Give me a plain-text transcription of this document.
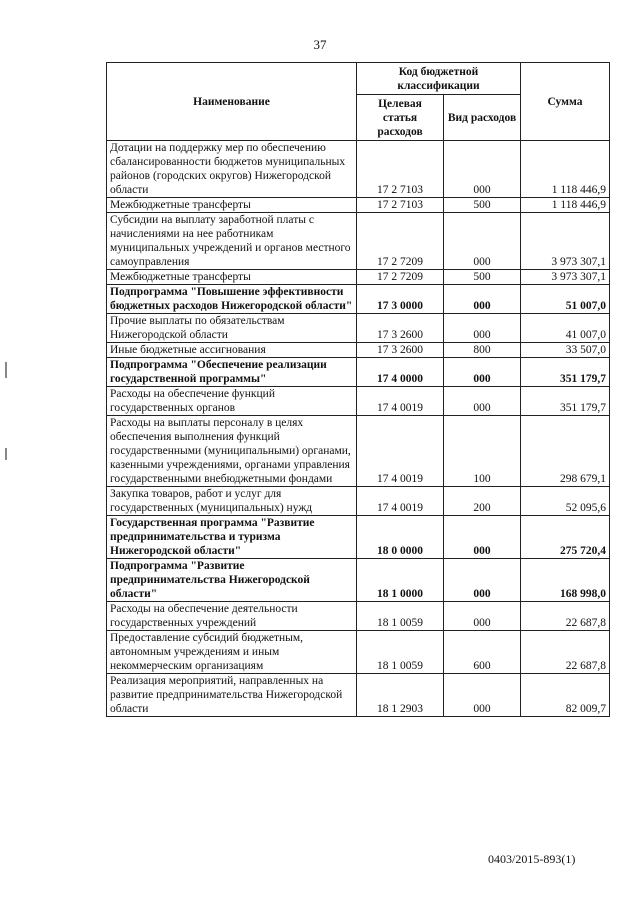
37
Наименование	Код бюджетной классификации		Сумма
	Целевая статья расходов	Вид расходов	
Дотации на поддержку мер по обеспечению сбалансированности бюджетов муниципальных районов (городских округов) Нижегородской области	17 2 7103	000	1 118 446,9
Межбюджетные трансферты	17 2 7103	500	1 118 446,9
Субсидии на выплату заработной платы с начислениями на нее работникам муниципальных учреждений и органов местного самоуправления	17 2 7209	000	3 973 307,1
Межбюджетные трансферты	17 2 7209	500	3 973 307,1
Подпрограмма "Повышение эффективности бюджетных расходов Нижегородской области"	17 3 0000	000	51 007,0
Прочие выплаты по обязательствам Нижегородской области	17 3 2600	000	41 007,0
Иные бюджетные ассигнования	17 3 2600	800	33 507,0
Подпрограмма "Обеспечение реализации государственной программы"	17 4 0000	000	351 179,7
Расходы на обеспечение функций государственных органов	17 4 0019	000	351 179,7
Расходы на выплаты персоналу в целях обеспечения выполнения функций государственными (муниципальными) органами, казенными учреждениями, органами управления государственными внебюджетными фондами	17 4 0019	100	298 679,1
Закупка товаров, работ и услуг для государственных (муниципальных) нужд	17 4 0019	200	52 095,6
Государственная программа "Развитие предпринимательства и туризма Нижегородской области"	18 0 0000	000	275 720,4
Подпрограмма "Развитие предпринимательства Нижегородской области"	18 1 0000	000	168 998,0
Расходы на обеспечение деятельности государственных учреждений	18 1 0059	000	22 687,8
Предоставление субсидий бюджетным, автономным учреждениям и иным некоммерческим организациям	18 1 0059	600	22 687,8
Реализация мероприятий, направленных на развитие предпринимательства Нижегородской области	18 1 2903	000	82 009,7
0403/2015-893(1)
